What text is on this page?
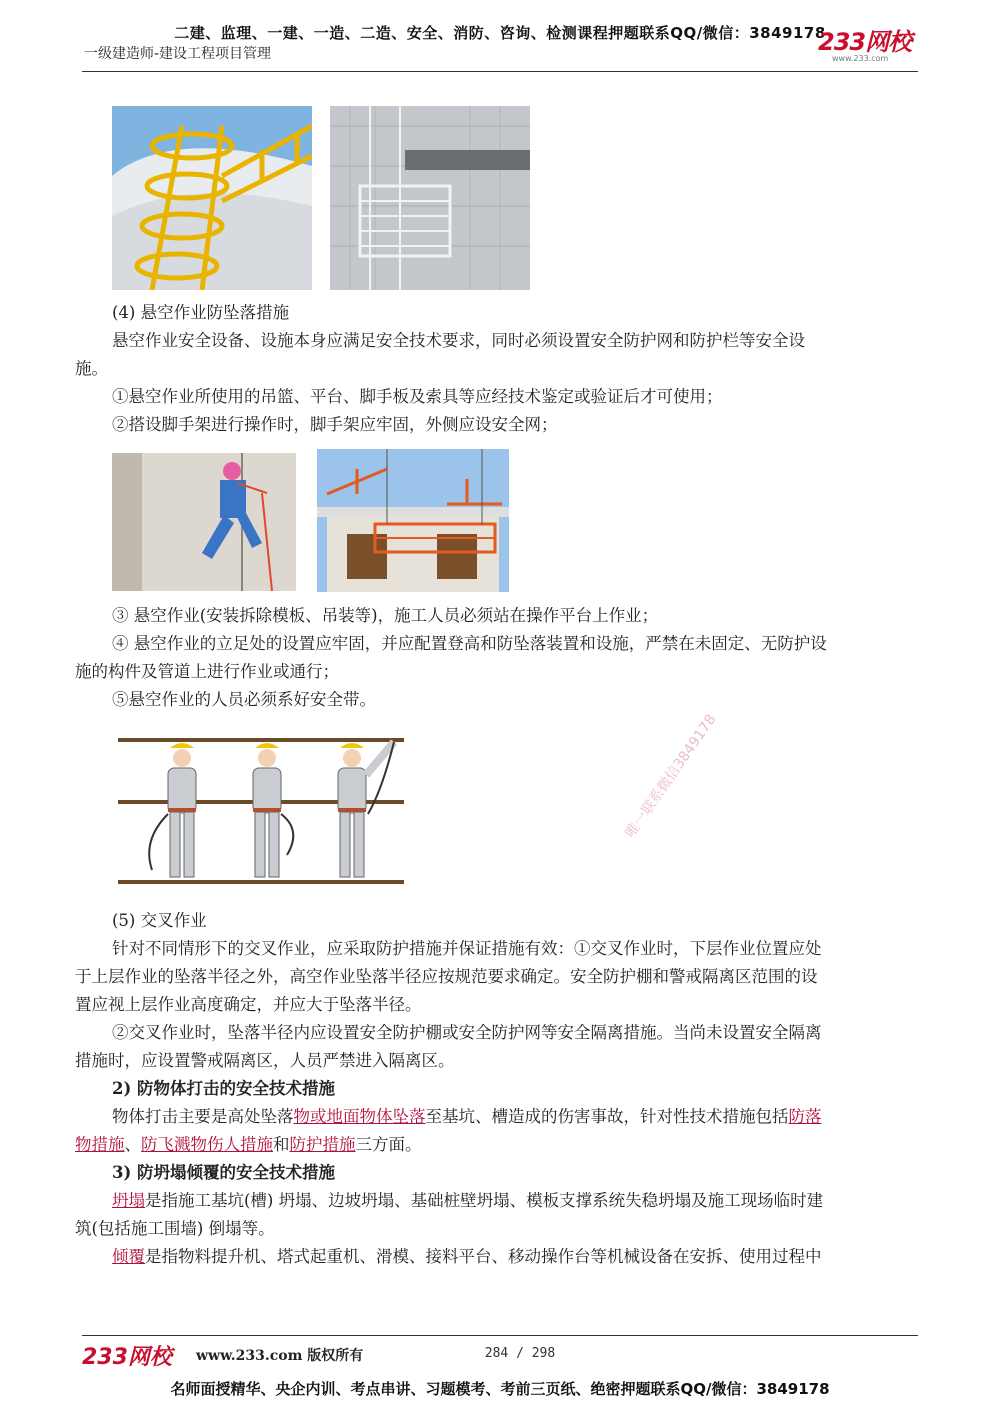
二建、监理、一建、一造、二造、安全、消防、咨询、检测课程押题联系QQ/微信：3849178
一级建造师-建设工程项目管理	233网校
www.233.com
(4) 悬空作业防坠落措施
悬空作业安全设备、设施本身应满足安全技术要求，同时必须设置安全防护网和防护栏等安全设
施。
①悬空作业所使用的吊篮、平台、脚手板及索具等应经技术鉴定或验证后才可使用；
②搭设脚手架进行操作时，脚手架应牢固，外侧应设安全网；
③ 悬空作业(安装拆除模板、吊装等)，施工人员必须站在操作平台上作业；
④ 悬空作业的立足处的设置应牢固，并应配置登高和防坠落装置和设施，严禁在未固定、无防护设
施的构件及管道上进行作业或通行；
⑤悬空作业的人员必须系好安全带。
(5) 交叉作业
针对不同情形下的交叉作业，应采取防护措施并保证措施有效：①交叉作业时，下层作业位置应处
于上层作业的坠落半径之外，高空作业坠落半径应按规范要求确定。安全防护棚和警戒隔离区范围的设
置应视上层作业高度确定，并应大于坠落半径。
②交叉作业时，坠落半径内应设置安全防护棚或安全防护网等安全隔离措施。当尚未设置安全隔离
措施时，应设置警戒隔离区，人员严禁进入隔离区。
2) 防物体打击的安全技术措施
物体打击主要是高处坠落物或地面物体坠落至基坑、槽造成的伤害事故，针对性技术措施包括防落
物措施、防飞溅物伤人措施和防护措施三方面。
3) 防坍塌倾覆的安全技术措施
坍塌是指施工基坑(槽) 坍塌、边坡坍塌、基础桩壁坍塌、模板支撑系统失稳坍塌及施工现场临时建
筑(包括施工围墙) 倒塌等。
倾覆是指物料提升机、塔式起重机、滑模、接料平台、移动操作台等机械设备在安拆、使用过程中
唯一联系微信3849178
233网校 www.233.com 版权所有	284 / 298
名师面授精华、央企内训、考点串讲、习题模考、考前三页纸、绝密押题联系QQ/微信：3849178
